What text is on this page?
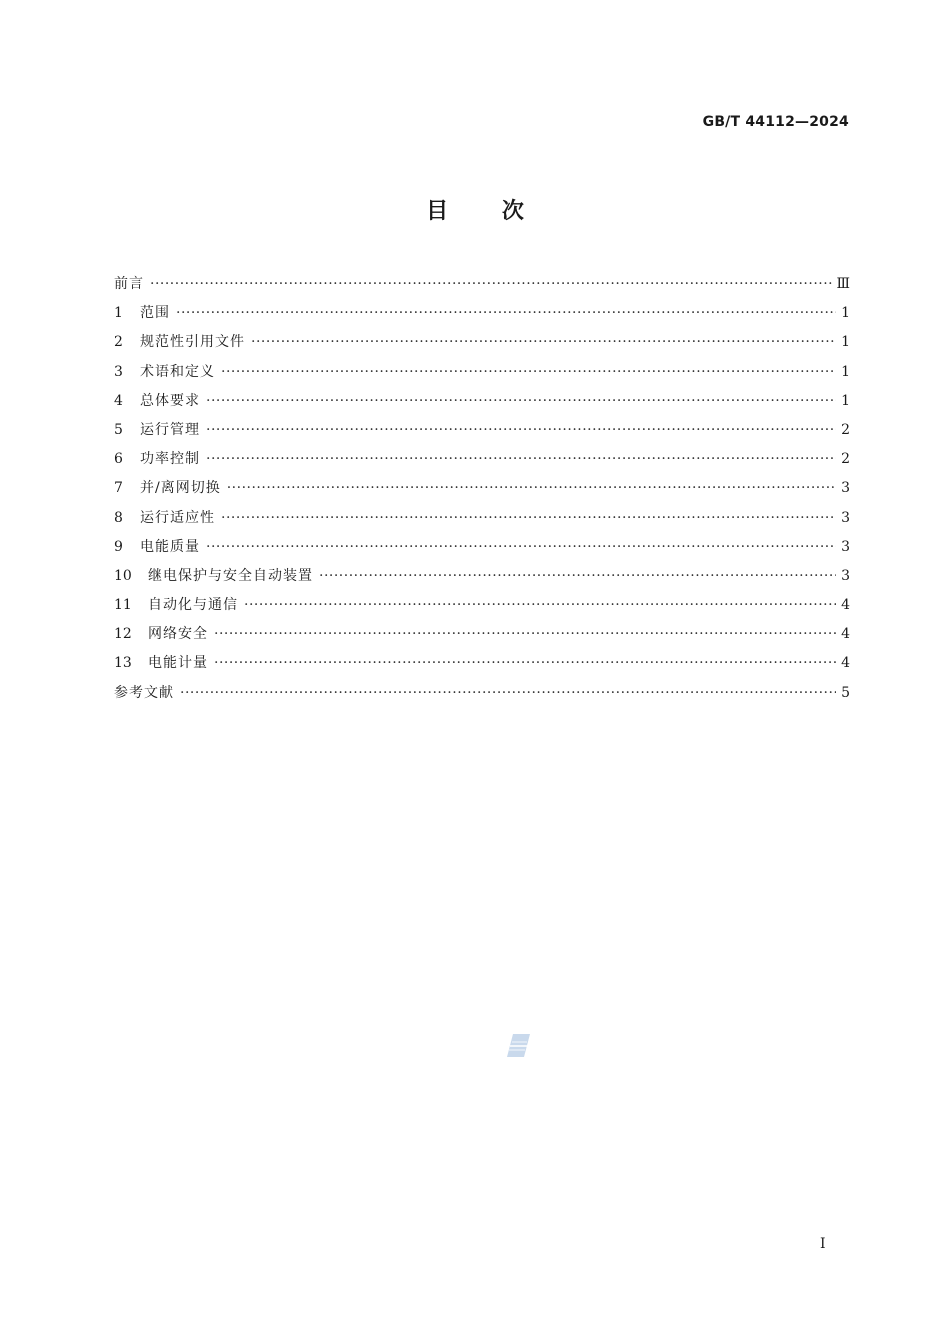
GB/T 44112—2024
目 次
前言 ·····	Ⅲ
1	范围 ·····	1
2	规范性引用文件 ·····	1
3	术语和定义 ·····	1
4	总体要求 ·····	1
5	运行管理 ·····	2
6	功率控制 ·····	2
7	并/离网切换 ·····	3
8	运行适应性 ·····	3
9	电能质量 ·····	3
10	继电保护与安全自动装置 ·····	3
11	自动化与通信 ·····	4
12	网络安全 ·····	4
13	电能计量 ·····	4
参考文献 ·····	5
Ⅰ
